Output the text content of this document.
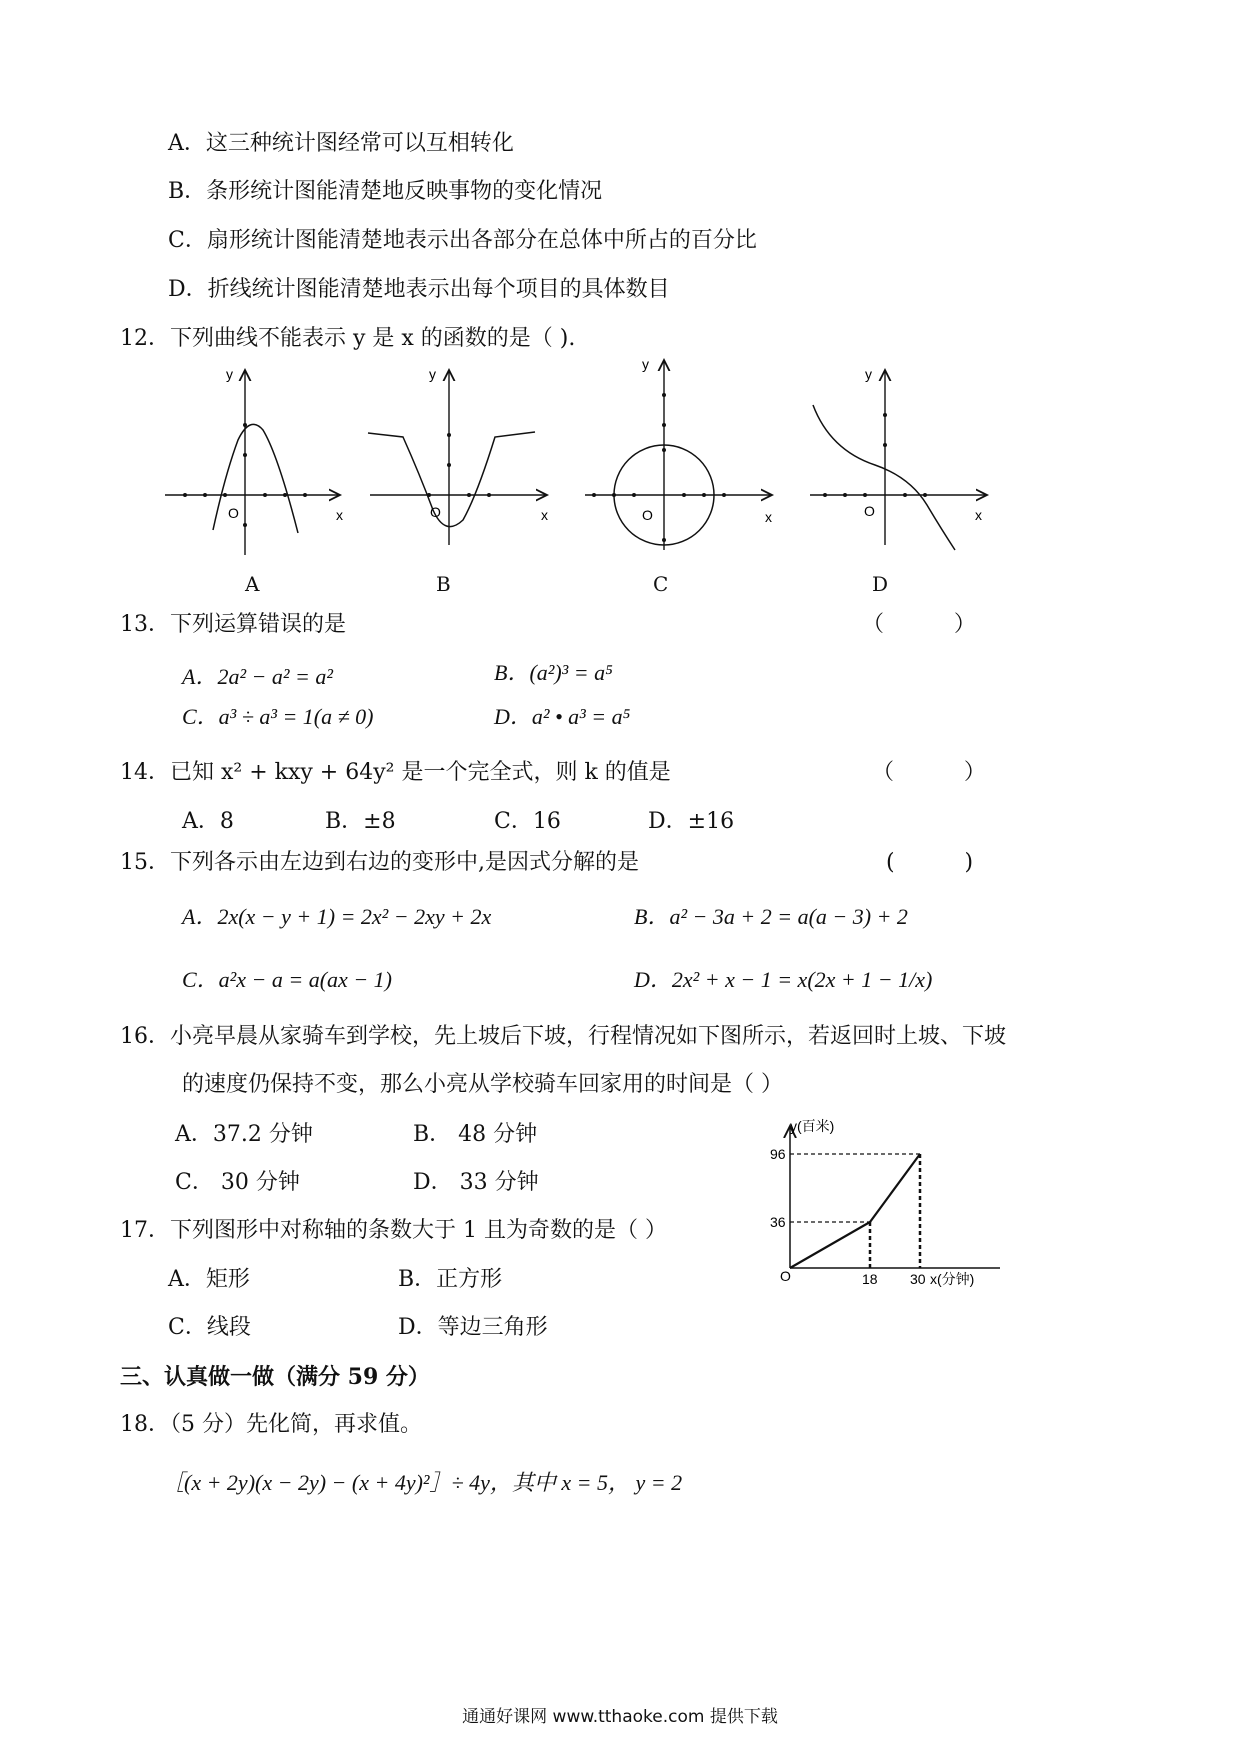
A．这三种统计图经常可以互相转化
B．条形统计图能清楚地反映事物的变化情况
C．扇形统计图能清楚地表示出各部分在总体中所占的百分比
D．折线统计图能清楚地表示出每个项目的具体数目
12．下列曲线不能表示 y 是 x 的函数的是（ ).
O	x
y
O	x
y
O	x
y
O	x
y
A	B	C	D
13．下列运算错误的是	（          ）
A．2a² − a² = a²	B．(a²)³ = a⁵
C．a³ ÷ a³ = 1(a ≠ 0)	D．a² • a³ = a⁵
14．已知 x² + kxy + 64y² 是一个完全式，则 k 的值是	（          ）
A．8	B．±8	C．16	D．±16
15．下列各示由左边到右边的变形中,是因式分解的是	(          )
A．2x(x − y + 1) = 2x² − 2xy + 2x	B．a² − 3a + 2 = a(a − 3) + 2
C．a²x − a = a(ax − 1)	D．2x² + x − 1 = x(2x + 1 − 1/x)
16．小亮早晨从家骑车到学校，先上坡后下坡，行程情况如下图所示，若返回时上坡、下坡
的速度仍保持不变，那么小亮从学校骑车回家用的时间是（ ）
A．37.2 分钟	B． 48 分钟
C． 30 分钟	D． 33 分钟
y(百米)
96
36
O	18 30 x(分钟)
17．下列图形中对称轴的条数大于 1 且为奇数的是（ ）
A．矩形	B．正方形
C．线段	D．等边三角形
三、认真做一做（满分 59 分）
18．（5 分）先化简，再求值。
［(x + 2y)(x − 2y) − (x + 4y)²］÷ 4y，其中 x = 5， y = 2
通通好课网 www.tthaoke.com 提供下载
